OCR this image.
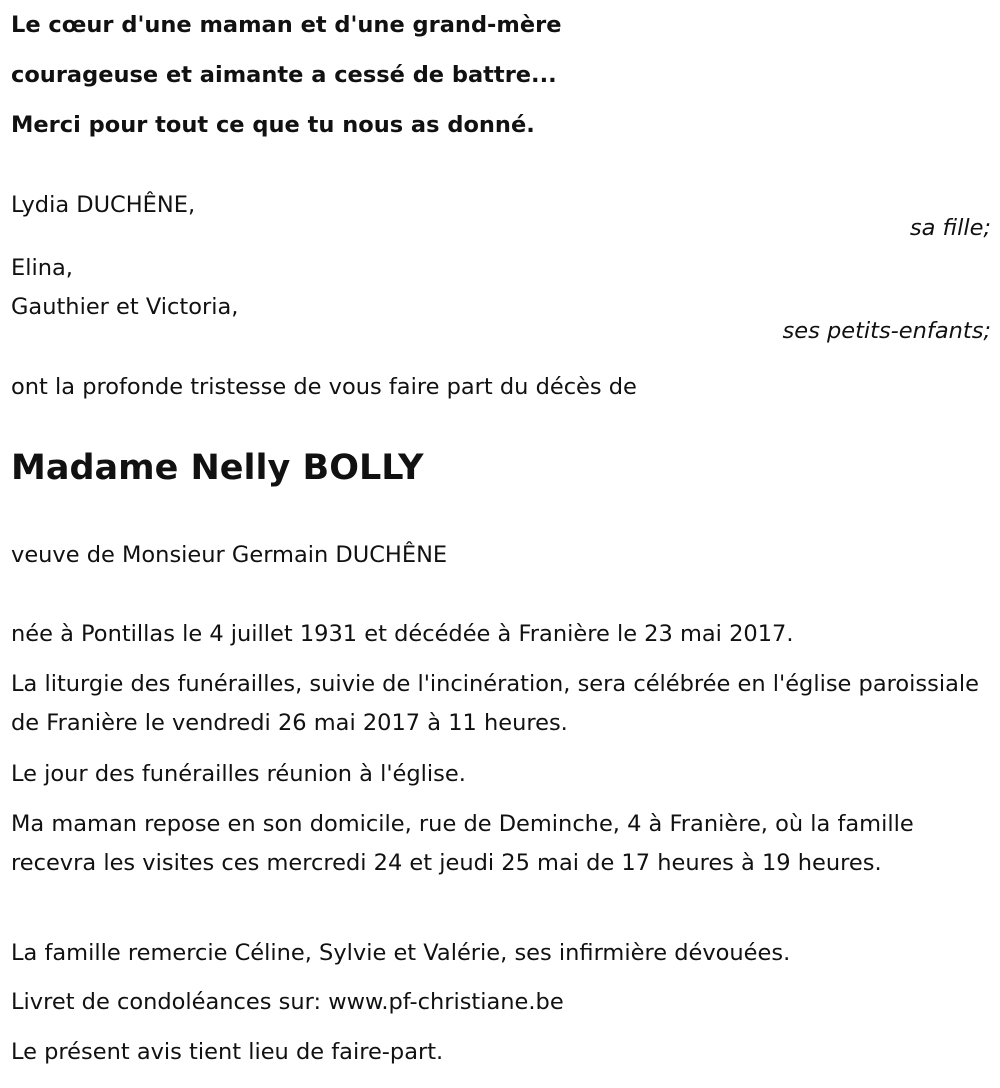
Le cœur d'une maman et d'une grand-mère
courageuse et aimante a cessé de battre...
Merci pour tout ce que tu nous as donné.
Lydia DUCHÊNE,
sa fille;
Elina,
Gauthier et Victoria,
ses petits-enfants;
ont la profonde tristesse de vous faire part du décès de
Madame Nelly BOLLY
veuve de Monsieur Germain DUCHÊNE
née à Pontillas le 4 juillet 1931 et décédée à Franière le 23 mai 2017.
La liturgie des funérailles, suivie de l'incinération, sera célébrée en l'église paroissiale de Franière le vendredi 26 mai 2017 à 11 heures.
Le jour des funérailles réunion à l'église.
Ma maman repose en son domicile, rue de Deminche, 4 à Franière, où la famille recevra les visites ces mercredi 24 et jeudi 25 mai de 17 heures à 19 heures.
La famille remercie Céline, Sylvie et Valérie, ses infirmière dévouées.
Livret de condoléances sur: www.pf-christiane.be
Le présent avis tient lieu de faire-part.
